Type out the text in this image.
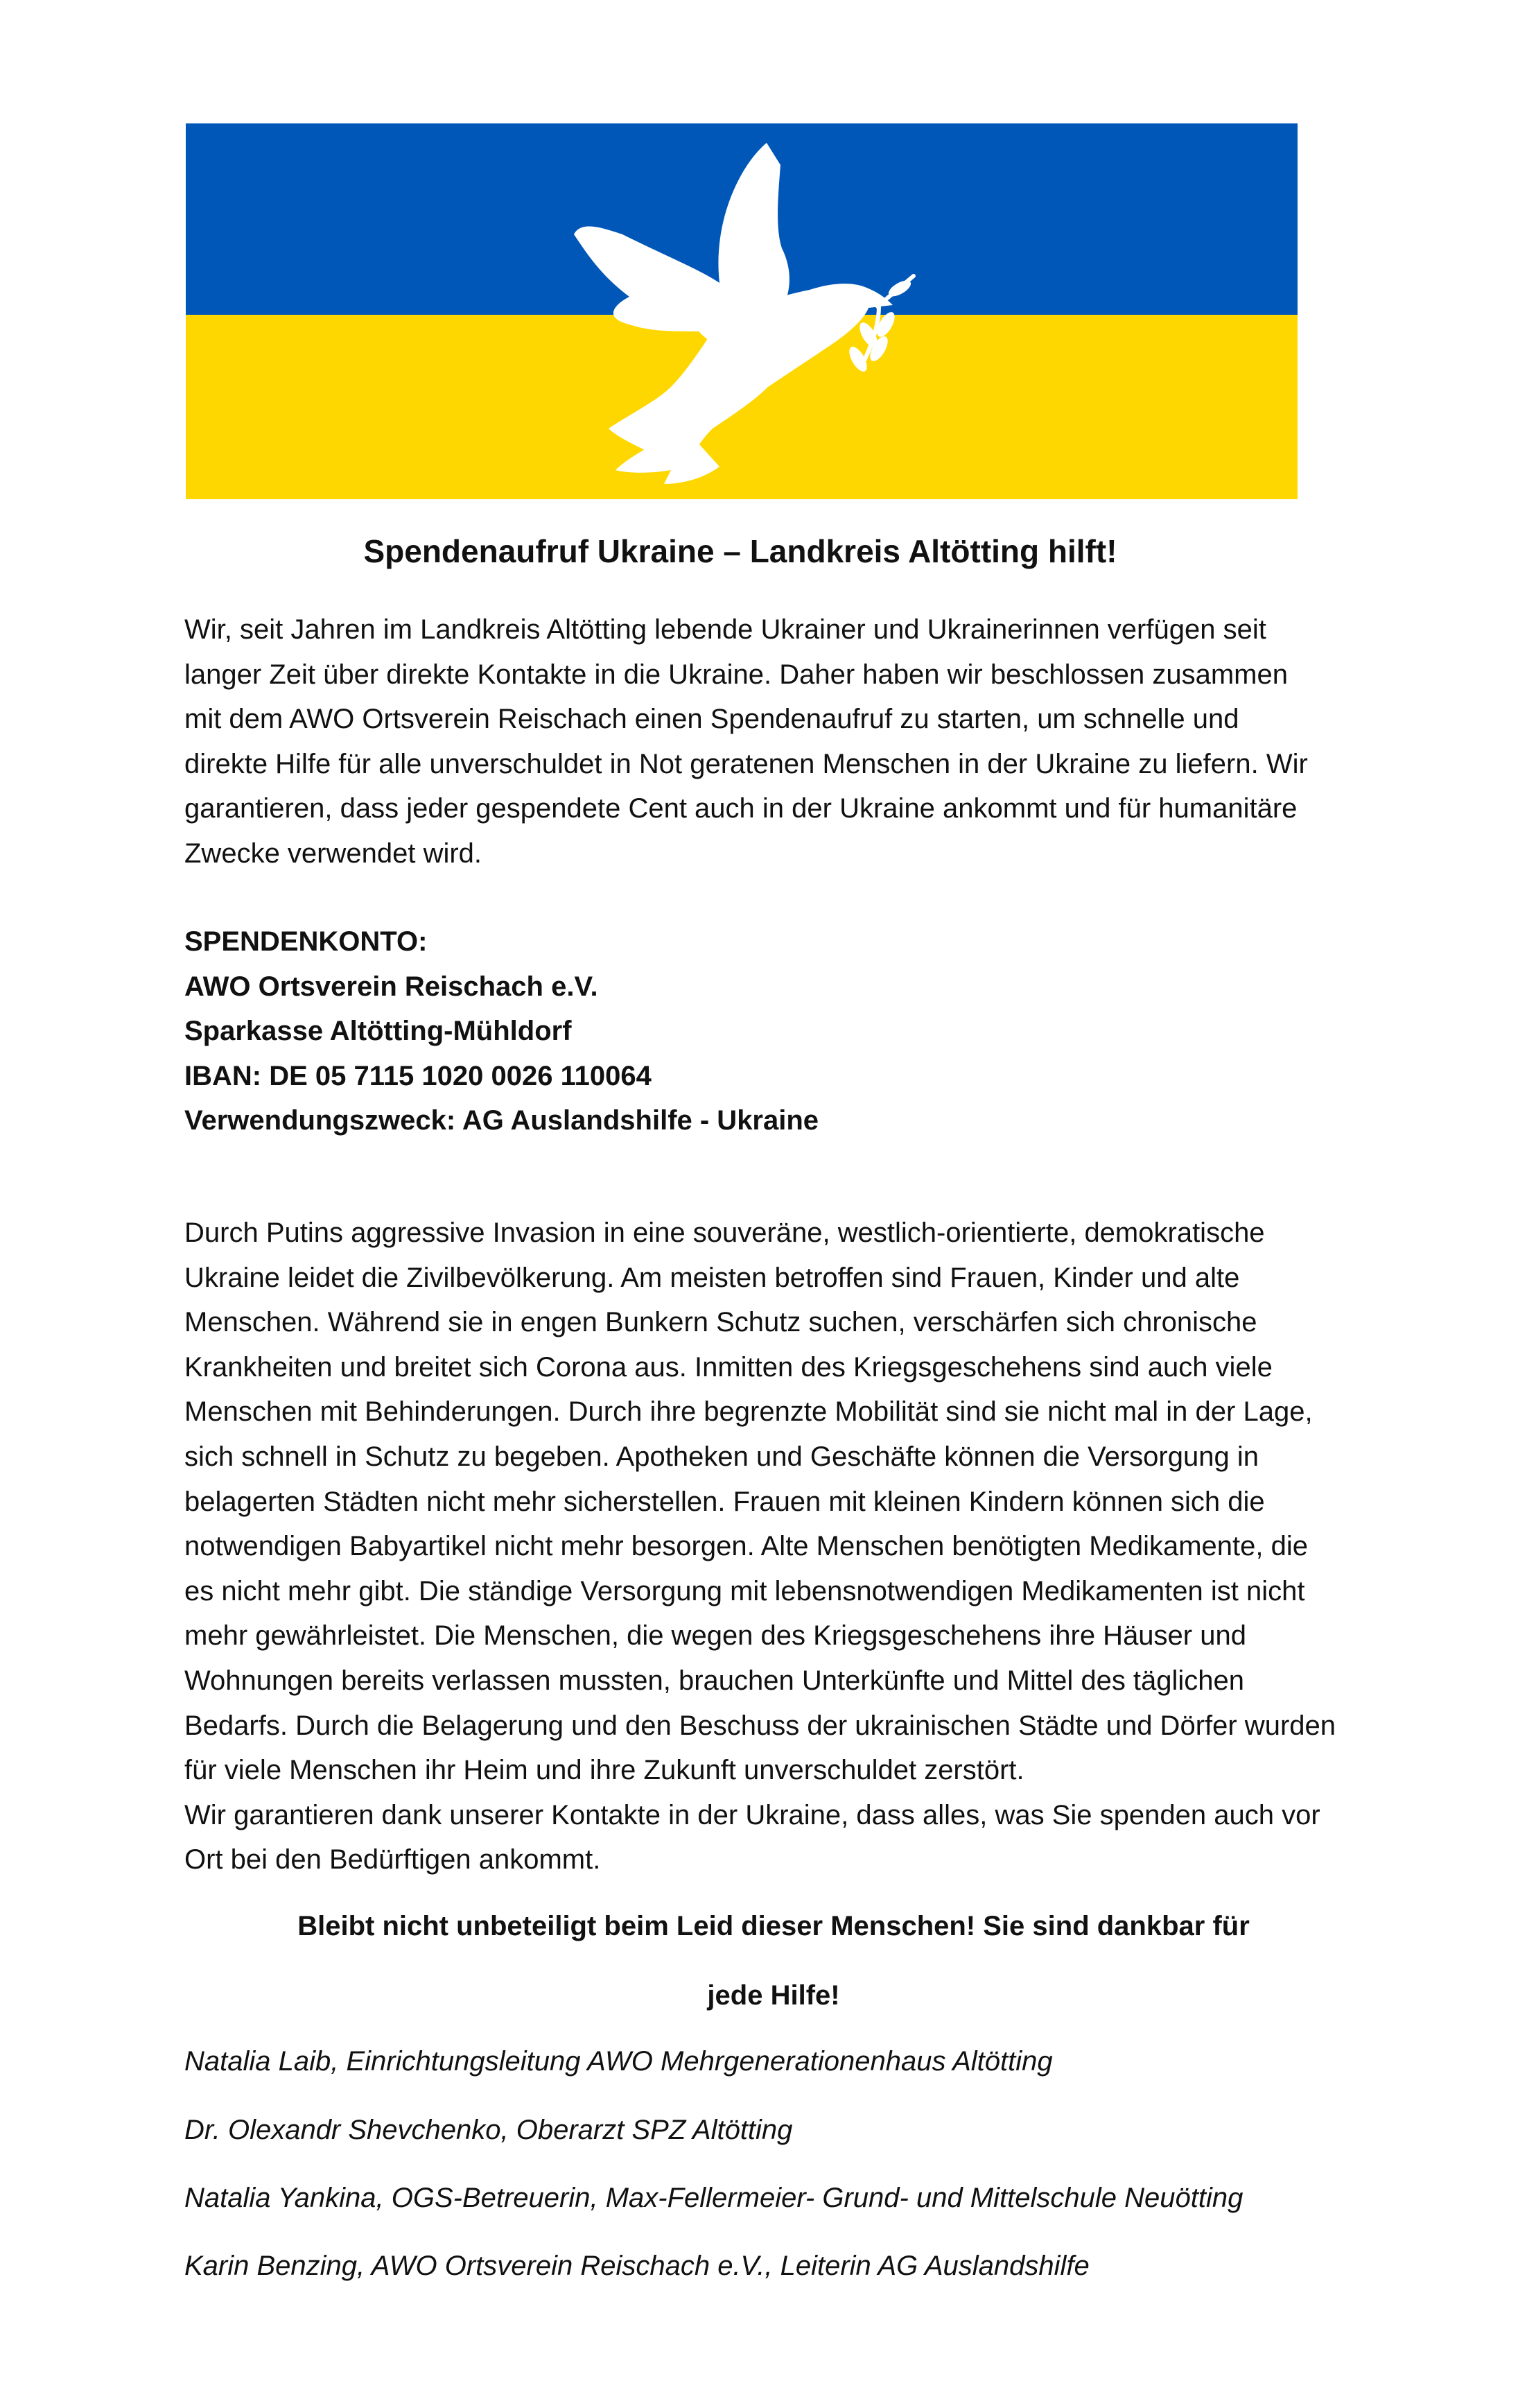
Spendenaufruf Ukraine – Landkreis Altötting hilft!

Wir, seit Jahren im Landkreis Altötting lebende Ukrainer und Ukrainerinnen verfügen seit
langer Zeit über direkte Kontakte in die Ukraine. Daher haben wir beschlossen zusammen
mit dem AWO Ortsverein Reischach einen Spendenaufruf zu starten, um schnelle und
direkte Hilfe für alle unverschuldet in Not geratenen Menschen in der Ukraine zu liefern. Wir
garantieren, dass jeder gespendete Cent auch in der Ukraine ankommt und für humanitäre
Zwecke verwendet wird.

SPENDENKONTO:
AWO Ortsverein Reischach e.V.
Sparkasse Altötting-Mühldorf
IBAN: DE 05 7115 1020 0026 110064
Verwendungszweck: AG Auslandshilfe - Ukraine

Durch Putins aggressive Invasion in eine souveräne, westlich-orientierte, demokratische
Ukraine leidet die Zivilbevölkerung. Am meisten betroffen sind Frauen, Kinder und alte
Menschen. Während sie in engen Bunkern Schutz suchen, verschärfen sich chronische
Krankheiten und breitet sich Corona aus. Inmitten des Kriegsgeschehens sind auch viele
Menschen mit Behinderungen. Durch ihre begrenzte Mobilität sind sie nicht mal in der Lage,
sich schnell in Schutz zu begeben. Apotheken und Geschäfte können die Versorgung in
belagerten Städten nicht mehr sicherstellen. Frauen mit kleinen Kindern können sich die
notwendigen Babyartikel nicht mehr besorgen. Alte Menschen benötigten Medikamente, die
es nicht mehr gibt. Die ständige Versorgung mit lebensnotwendigen Medikamenten ist nicht
mehr gewährleistet. Die Menschen, die wegen des Kriegsgeschehens ihre Häuser und
Wohnungen bereits verlassen mussten, brauchen Unterkünfte und Mittel des täglichen
Bedarfs. Durch die Belagerung und den Beschuss der ukrainischen Städte und Dörfer wurden
für viele Menschen ihr Heim und ihre Zukunft unverschuldet zerstört.
Wir garantieren dank unserer Kontakte in der Ukraine, dass alles, was Sie spenden auch vor
Ort bei den Bedürftigen ankommt.

Bleibt nicht unbeteiligt beim Leid dieser Menschen! Sie sind dankbar für

jede Hilfe!

Natalia Laib, Einrichtungsleitung AWO Mehrgenerationenhaus Altötting

Dr. Olexandr Shevchenko, Oberarzt SPZ Altötting

Natalia Yankina, OGS-Betreuerin, Max-Fellermeier- Grund- und Mittelschule Neuötting

Karin Benzing, AWO Ortsverein Reischach e.V., Leiterin AG Auslandshilfe
